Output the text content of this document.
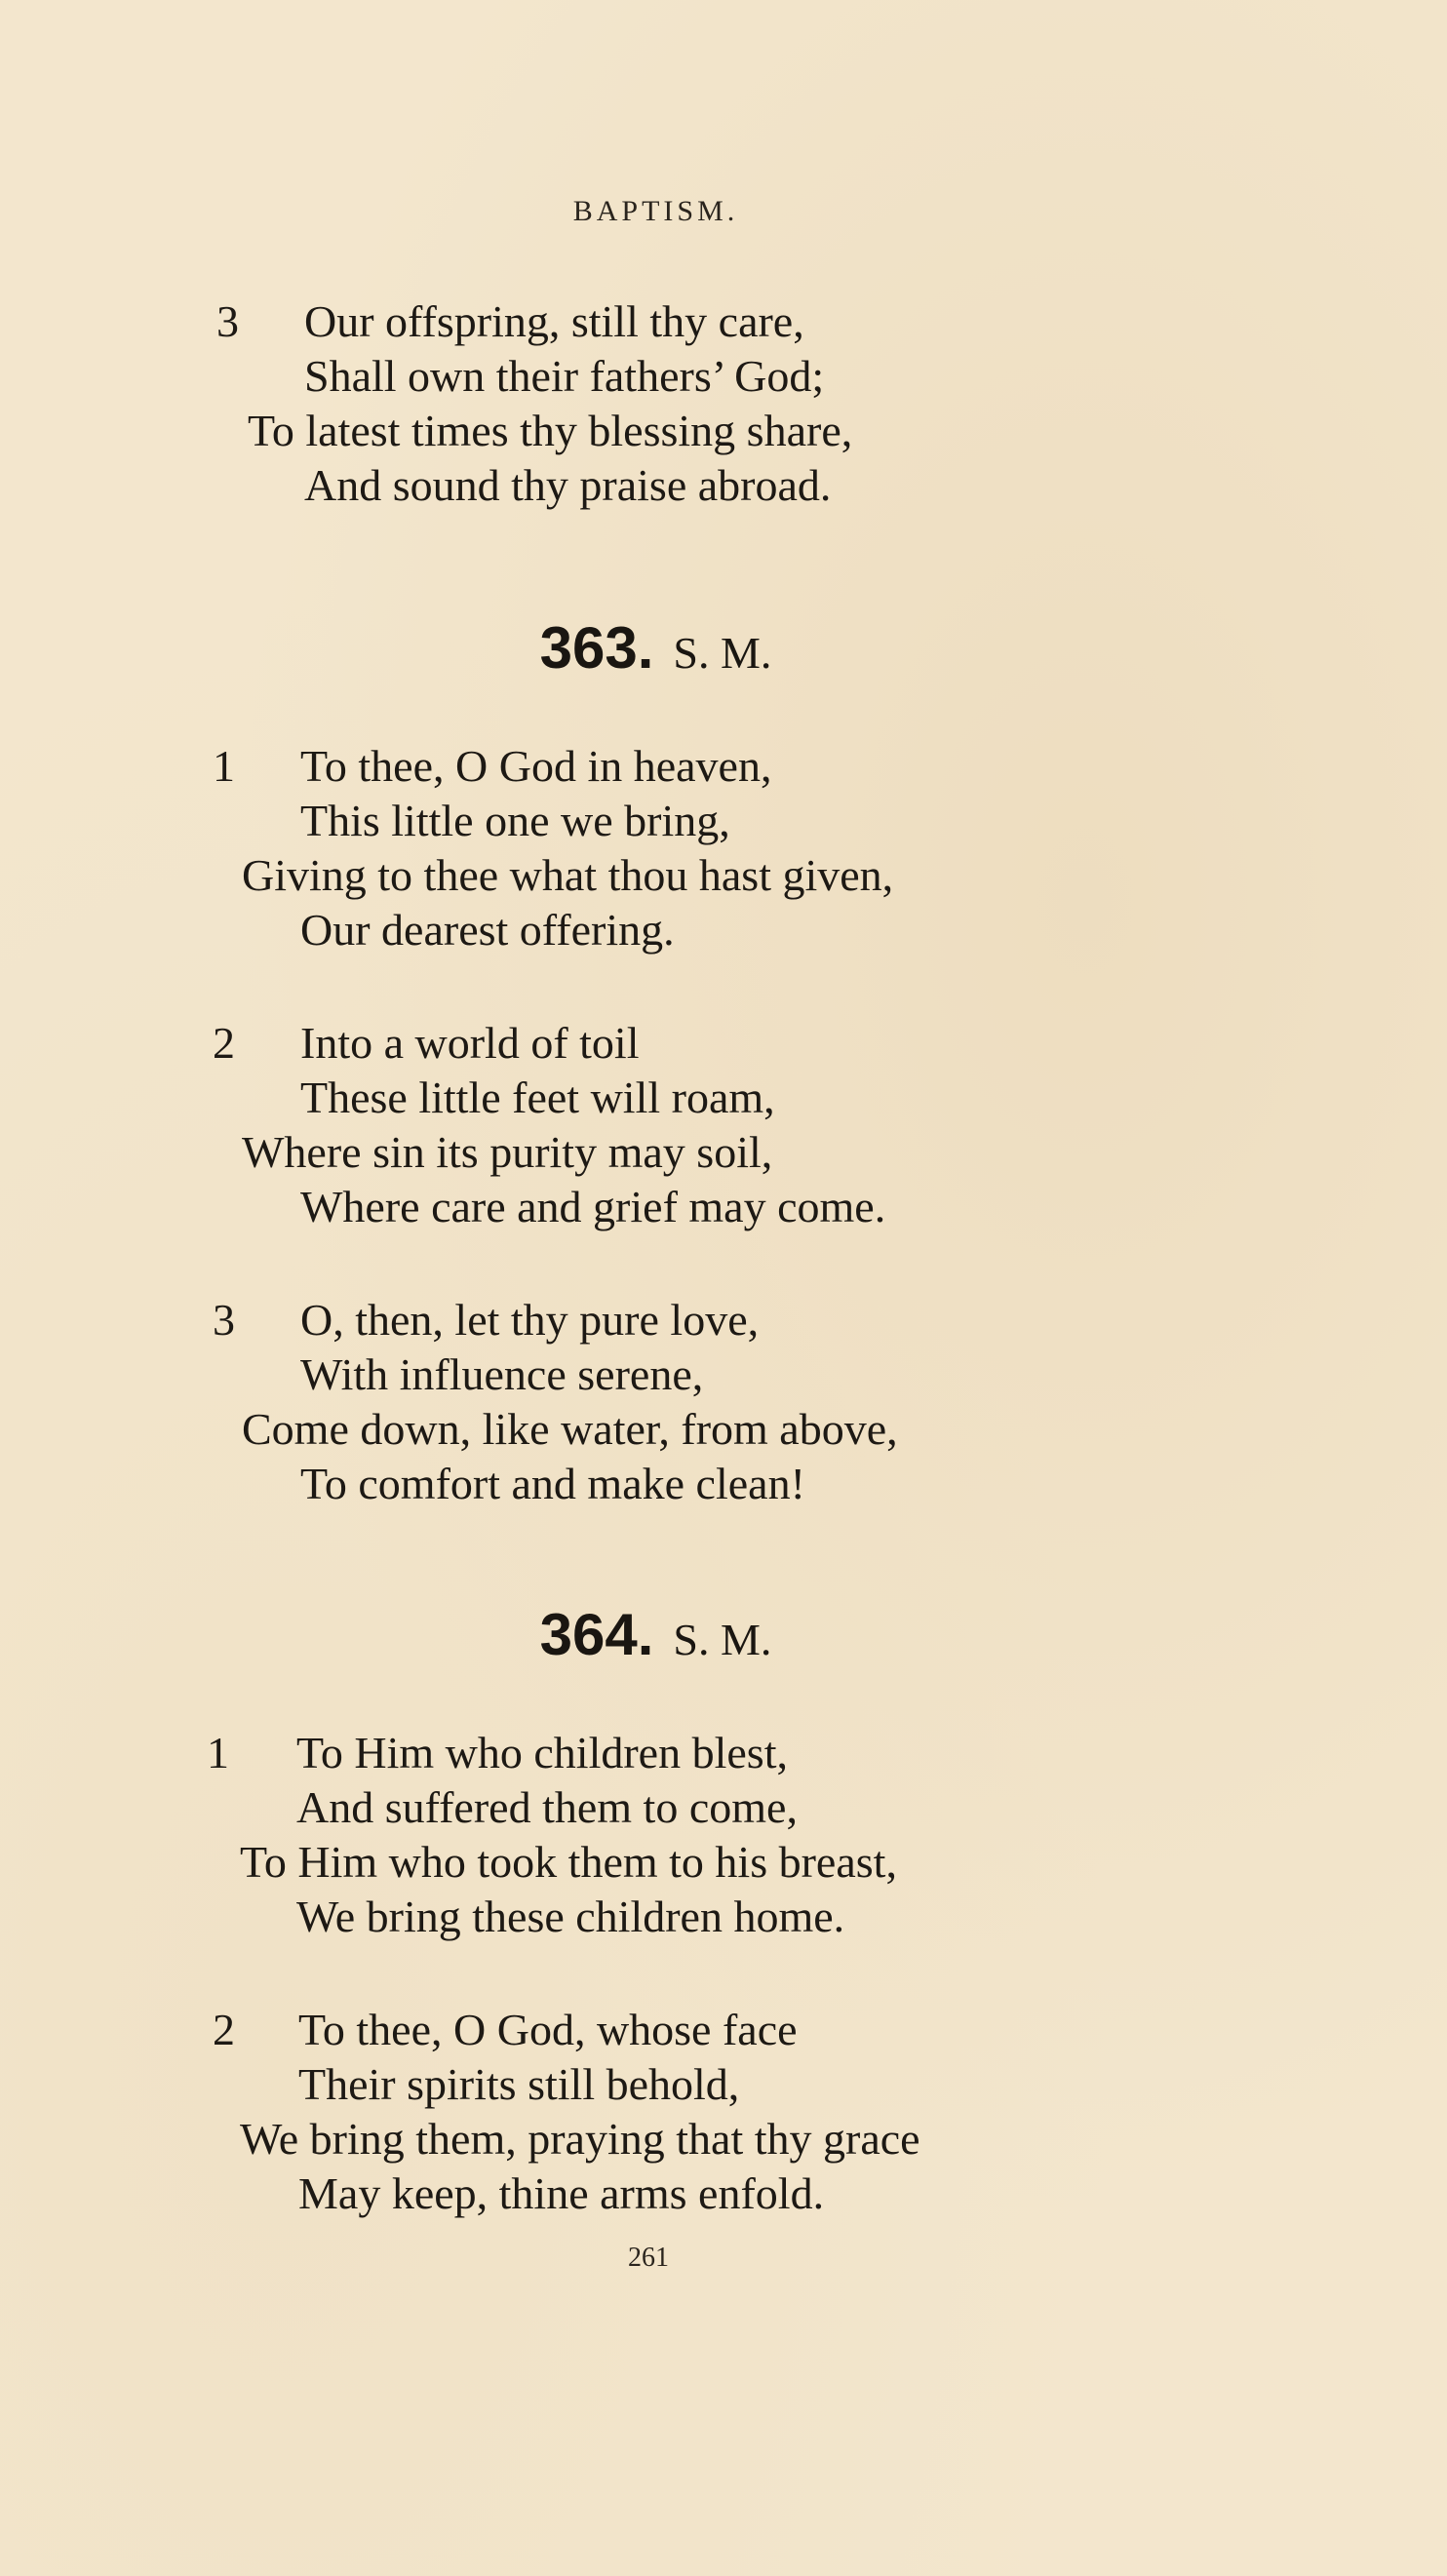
BAPTISM.
3 Our offspring, still thy care,
Shall own their fathers’ God;
To latest times thy blessing share,
And sound thy praise abroad.
363. S. M.
1 To thee, O God in heaven,
This little one we bring,
Giving to thee what thou hast given,
Our dearest offering.
2 Into a world of toil
These little feet will roam,
Where sin its purity may soil,
Where care and grief may come.
3 O, then, let thy pure love,
With influence serene,
Come down, like water, from above,
To comfort and make clean!
364. S. M.
1 To Him who children blest,
And suffered them to come,
To Him who took them to his breast,
We bring these children home.
2 To thee, O God, whose face
Their spirits still behold,
We bring them, praying that thy grace
May keep, thine arms enfold.
261
